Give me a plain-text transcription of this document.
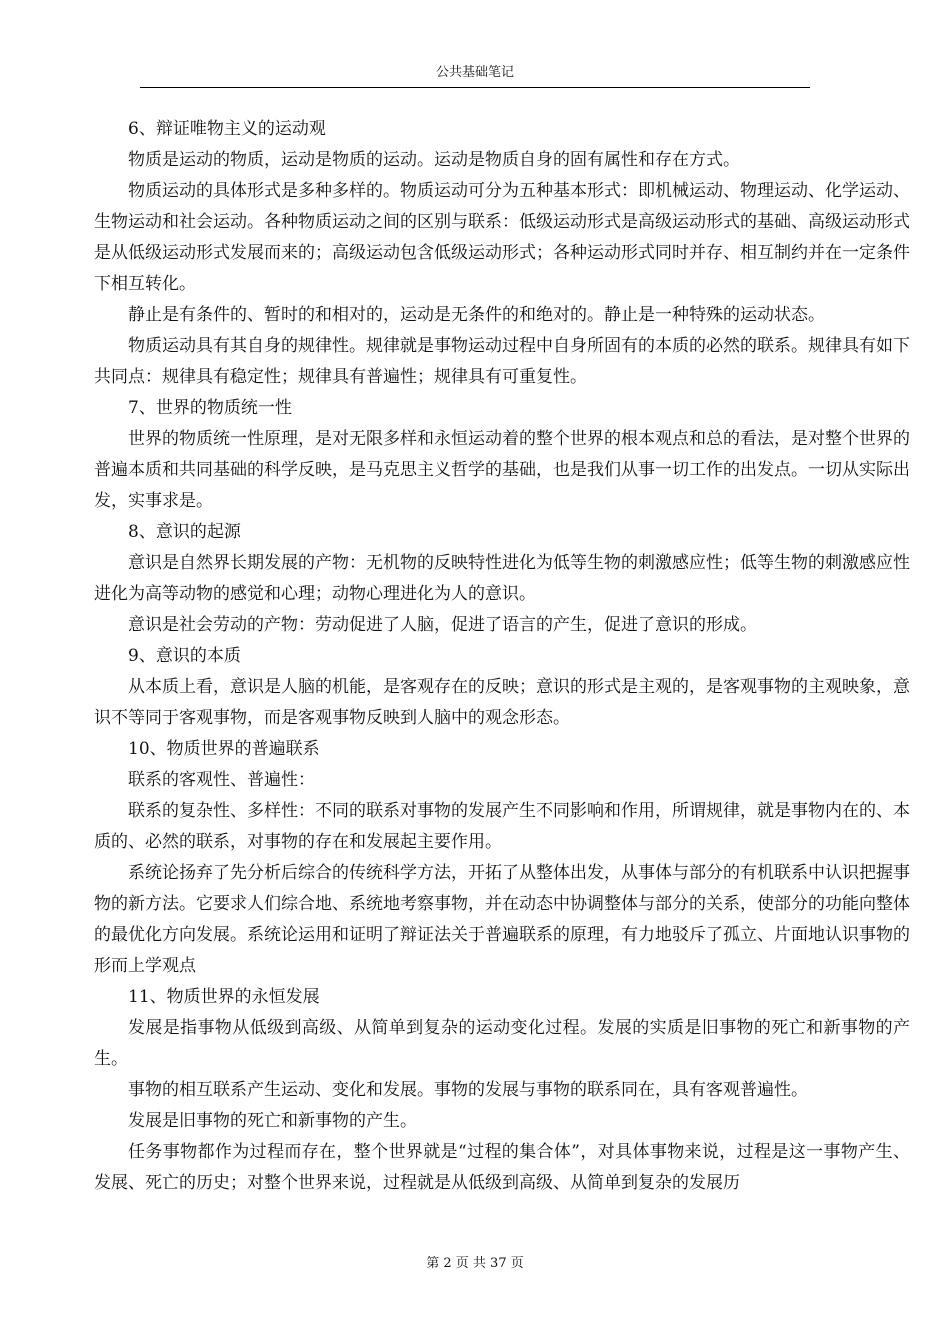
公共基础笔记

6、辩证唯物主义的运动观

物质是运动的物质，运动是物质的运动。运动是物质自身的固有属性和存在方式。

物质运动的具体形式是多种多样的。物质运动可分为五种基本形式：即机械运动、物理运动、化学运动、生物运动和社会运动。各种物质运动之间的区别与联系：低级运动形式是高级运动形式的基础、高级运动形式是从低级运动形式发展而来的；高级运动包含低级运动形式；各种运动形式同时并存、相互制约并在一定条件下相互转化。

静止是有条件的、暂时的和相对的，运动是无条件的和绝对的。静止是一种特殊的运动状态。

物质运动具有其自身的规律性。规律就是事物运动过程中自身所固有的本质的必然的联系。规律具有如下共同点：规律具有稳定性；规律具有普遍性；规律具有可重复性。

7、世界的物质统一性

世界的物质统一性原理，是对无限多样和永恒运动着的整个世界的根本观点和总的看法，是对整个世界的普遍本质和共同基础的科学反映，是马克思主义哲学的基础，也是我们从事一切工作的出发点。一切从实际出发，实事求是。

8、意识的起源

意识是自然界长期发展的产物：无机物的反映特性进化为低等生物的刺激感应性；低等生物的刺激感应性进化为高等动物的感觉和心理；动物心理进化为人的意识。

意识是社会劳动的产物：劳动促进了人脑，促进了语言的产生，促进了意识的形成。

9、意识的本质

从本质上看，意识是人脑的机能，是客观存在的反映；意识的形式是主观的，是客观事物的主观映象，意识不等同于客观事物，而是客观事物反映到人脑中的观念形态。

10、物质世界的普遍联系

联系的客观性、普遍性：

联系的复杂性、多样性：不同的联系对事物的发展产生不同影响和作用，所谓规律，就是事物内在的、本质的、必然的联系，对事物的存在和发展起主要作用。

系统论扬弃了先分析后综合的传统科学方法，开拓了从整体出发，从事体与部分的有机联系中认识把握事物的新方法。它要求人们综合地、系统地考察事物，并在动态中协调整体与部分的关系，使部分的功能向整体的最优化方向发展。系统论运用和证明了辩证法关于普遍联系的原理，有力地驳斥了孤立、片面地认识事物的形而上学观点

11、物质世界的永恒发展

发展是指事物从低级到高级、从简单到复杂的运动变化过程。发展的实质是旧事物的死亡和新事物的产生。

事物的相互联系产生运动、变化和发展。事物的发展与事物的联系同在，具有客观普遍性。

发展是旧事物的死亡和新事物的产生。

任务事物都作为过程而存在，整个世界就是“过程的集合体”，对具体事物来说，过程是这一事物产生、发展、死亡的历史；对整个世界来说，过程就是从低级到高级、从简单到复杂的发展历

第 2 页 共 37 页
